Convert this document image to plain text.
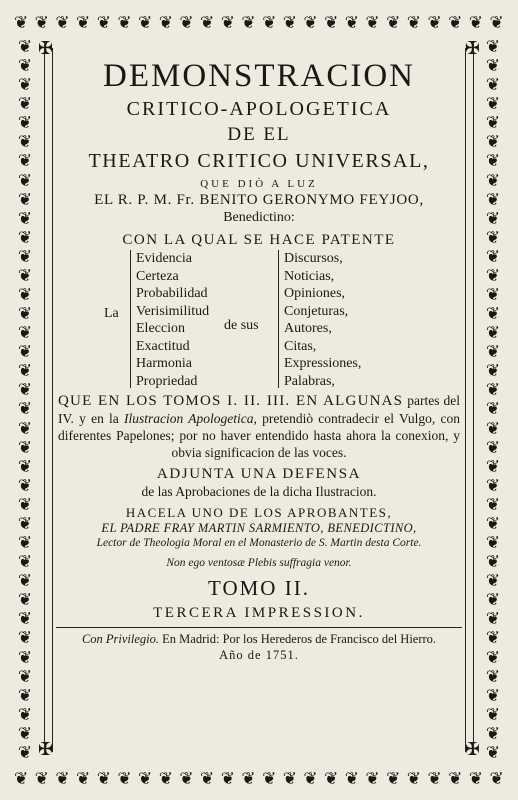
❦ ❦ ❦ ❦ ❦ ❦ ❦ ❦ ❦ ❦ ❦ ❦ ❦ ❦ ❦ ❦ ❦ ❦ ❦ ❦ ❦ ❦ ❦ ❦
❦ ❦ ❦ ❦ ❦ ❦ ❦ ❦ ❦ ❦ ❦ ❦ ❦ ❦ ❦ ❦ ❦ ❦ ❦ ❦ ❦ ❦ ❦ ❦
❦
❦
❦
❦
❦
❦
❦
❦
❦
❦
❦
❦
❦
❦
❦
❦
❦
❦
❦
❦
❦
❦
❦
❦
❦
❦
❦
❦
❦
❦
❦
❦
❦
❦
❦
❦
❦
❦
❦
❦
❦
❦
❦
❦
❦
❦
❦
❦
❦
❦
❦
❦
❦
❦
❦
❦
❦
❦
❦
❦
❦
❦
❦
❦
❦
❦
❦
❦
❦
❦
❦
❦
❦
❦
❦
❦
✠	✠
✠	✠
DEMONSTRACION
CRITICO-APOLOGETICA
DE EL
THEATRO CRITICO UNIVERSAL,
QUE DIÒ A LUZ
EL R. P. M. Fr. BENITO GERONYMO FEYJOO,
Benedictino:
CON LA QUAL SE HACE PATENTE
La
Evidencia
Certeza
Probabilidad
Verisimilitud
Eleccion
Exactitud
Harmonia
Propriedad
de sus
Discursos,
Noticias,
Opiniones,
Conjeturas,
Autores,
Citas,
Expressiones,
Palabras,
QUE EN LOS TOMOS I. II. III. EN ALGUNAS partes del IV. y en la Ilustracion Apologetica, pretendiò contradecir el Vulgo, con diferentes Papelones; por no haver entendido hasta ahora la conexion, y obvia significacion de las voces.
ADJUNTA UNA DEFENSA
de las Aprobaciones de la dicha Ilustracion.
HACELA UNO DE LOS APROBANTES,
EL PADRE FRAY MARTIN SARMIENTO, BENEDICTINO,
Lector de Theologia Moral en el Monasterio de S. Martin desta Corte.
Non ego ventosæ Plebis suffragia venor.
TOMO II.
TERCERA IMPRESSION.
Con Privilegio. En Madrid: Por los Herederos de Francisco del Hierro.
Año de 1751.
